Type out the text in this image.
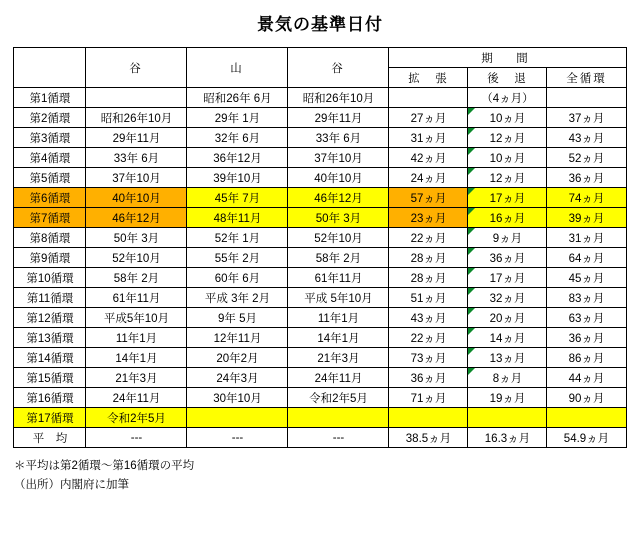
景気の基準日付
	谷	山	谷	期　間		
				拡　張	後　退	全循環
第1循環		昭和26年 6月	昭和26年10月		（4ヵ月）	
第2循環	昭和26年10月	29年 1月	29年11月	27ヵ月	10ヵ月	37ヵ月
第3循環	29年11月	32年 6月	33年 6月	31ヵ月	12ヵ月	43ヵ月
第4循環	33年 6月	36年12月	37年10月	42ヵ月	10ヵ月	52ヵ月
第5循環	37年10月	39年10月	40年10月	24ヵ月	12ヵ月	36ヵ月
第6循環	40年10月	45年 7月	46年12月	57ヵ月	17ヵ月	74ヵ月
第7循環	46年12月	48年11月	50年 3月	23ヵ月	16ヵ月	39ヵ月
第8循環	50年 3月	52年 1月	52年10月	22ヵ月	9ヵ月	31ヵ月
第9循環	52年10月	55年 2月	58年 2月	28ヵ月	36ヵ月	64ヵ月
第10循環	58年 2月	60年 6月	61年11月	28ヵ月	17ヵ月	45ヵ月
第11循環	61年11月	平成 3年 2月	平成 5年10月	51ヵ月	32ヵ月	83ヵ月
第12循環	平成5年10月	9年 5月	11年1月	43ヵ月	20ヵ月	63ヵ月
第13循環	11年1月	12年11月	14年1月	22ヵ月	14ヵ月	36ヵ月
第14循環	14年1月	20年2月	21年3月	73ヵ月	13ヵ月	86ヵ月
第15循環	21年3月	24年3月	24年11月	36ヵ月	8ヵ月	44ヵ月
第16循環	24年11月	30年10月	令和2年5月	71ヵ月	19ヵ月	90ヵ月
第17循環	令和2年5月					
平　均	---	---	---	38.5ヵ月	16.3ヵ月	54.9ヵ月
＊平均は第2循環〜第16循環の平均
（出所）内閣府に加筆
